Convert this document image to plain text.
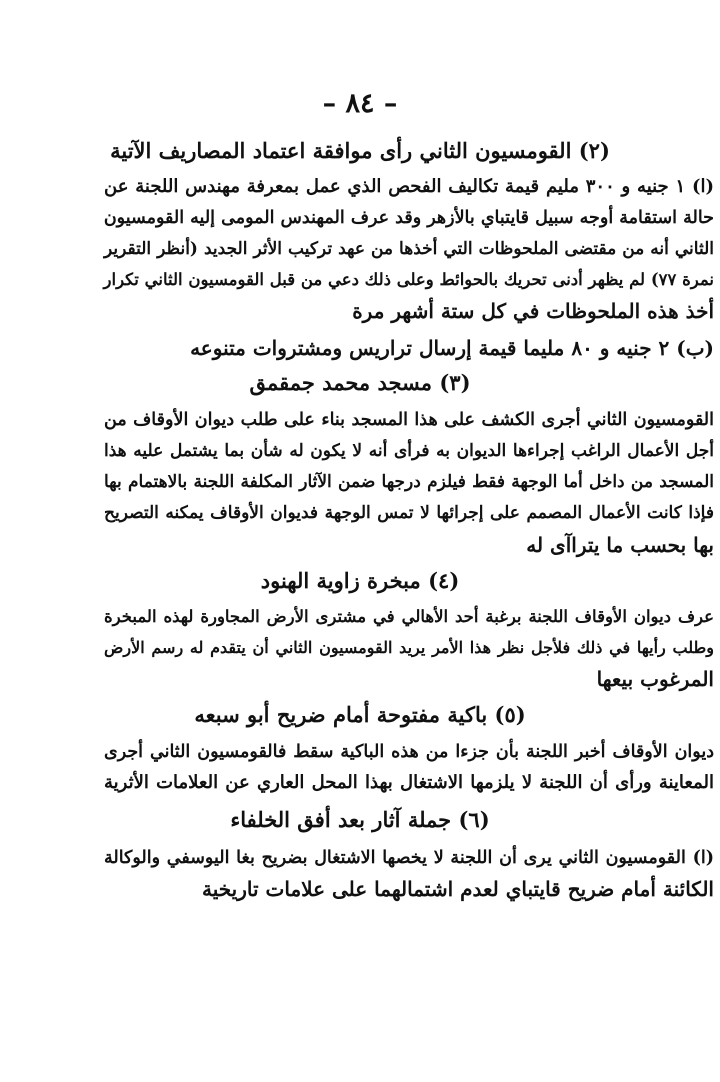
– ٨٤ –
(٢) القومسيون الثاني رأى موافقة اعتماد المصاريف الآتية
(ا) ١ جنيه و ٣٠٠ مليم قيمة تكاليف الفحص الذي عمل بمعرفة مهندس اللجنة عن
حالة استقامة أوجه سبيل قايتباي بالأزهر وقد عرف المهندس المومى إليه القومسيون
الثاني أنه من مقتضى الملحوظات التي أخذها من عهد تركيب الأثر الجديد (أنظر التقرير
نمرة ٧٧) لم يظهر أدنى تحريك بالحوائط وعلى ذلك دعي من قبل القومسيون الثاني تكرار
أخذ هذه الملحوظات في كل ستة أشهر مرة
(ب) ٢ جنيه و ٨٠ مليما قيمة إرسال تراريس ومشتروات متنوعه
(٣) مسجد محمد جمقمق
القومسيون الثاني أجرى الكشف على هذا المسجد بناء على طلب ديوان الأوقاف من
أجل الأعمال الراغب إجراءها الديوان به فرأى أنه لا يكون له شأن بما يشتمل عليه هذا
المسجد من داخل أما الوجهة فقط فيلزم درجها ضمن الآثار المكلفة اللجنة بالاهتمام بها
فإذا كانت الأعمال المصمم على إجرائها لا تمس الوجهة فديوان الأوقاف يمكنه التصريح
بها بحسب ما يتراآى له
(٤) مبخرة زاوية الهنود
عرف ديوان الأوقاف اللجنة برغبة أحد الأهالي في مشترى الأرض المجاورة لهذه المبخرة
وطلب رأيها في ذلك فلأجل نظر هذا الأمر يريد القومسيون الثاني أن يتقدم له رسم الأرض
المرغوب بيعها
(٥) باكية مفتوحة أمام ضريح أبو سبعه
ديوان الأوقاف أخبر اللجنة بأن جزءا من هذه الباكية سقط فالقومسيون الثاني أجرى
المعاينة ورأى أن اللجنة لا يلزمها الاشتغال بهذا المحل العاري عن العلامات الأثرية
(٦) جملة آثار بعد أفق الخلفاء
(ا) القومسيون الثاني يرى أن اللجنة لا يخصها الاشتغال بضريح بغا اليوسفي والوكالة
الكائنة أمام ضريح قايتباي لعدم اشتمالهما على علامات تاريخية
